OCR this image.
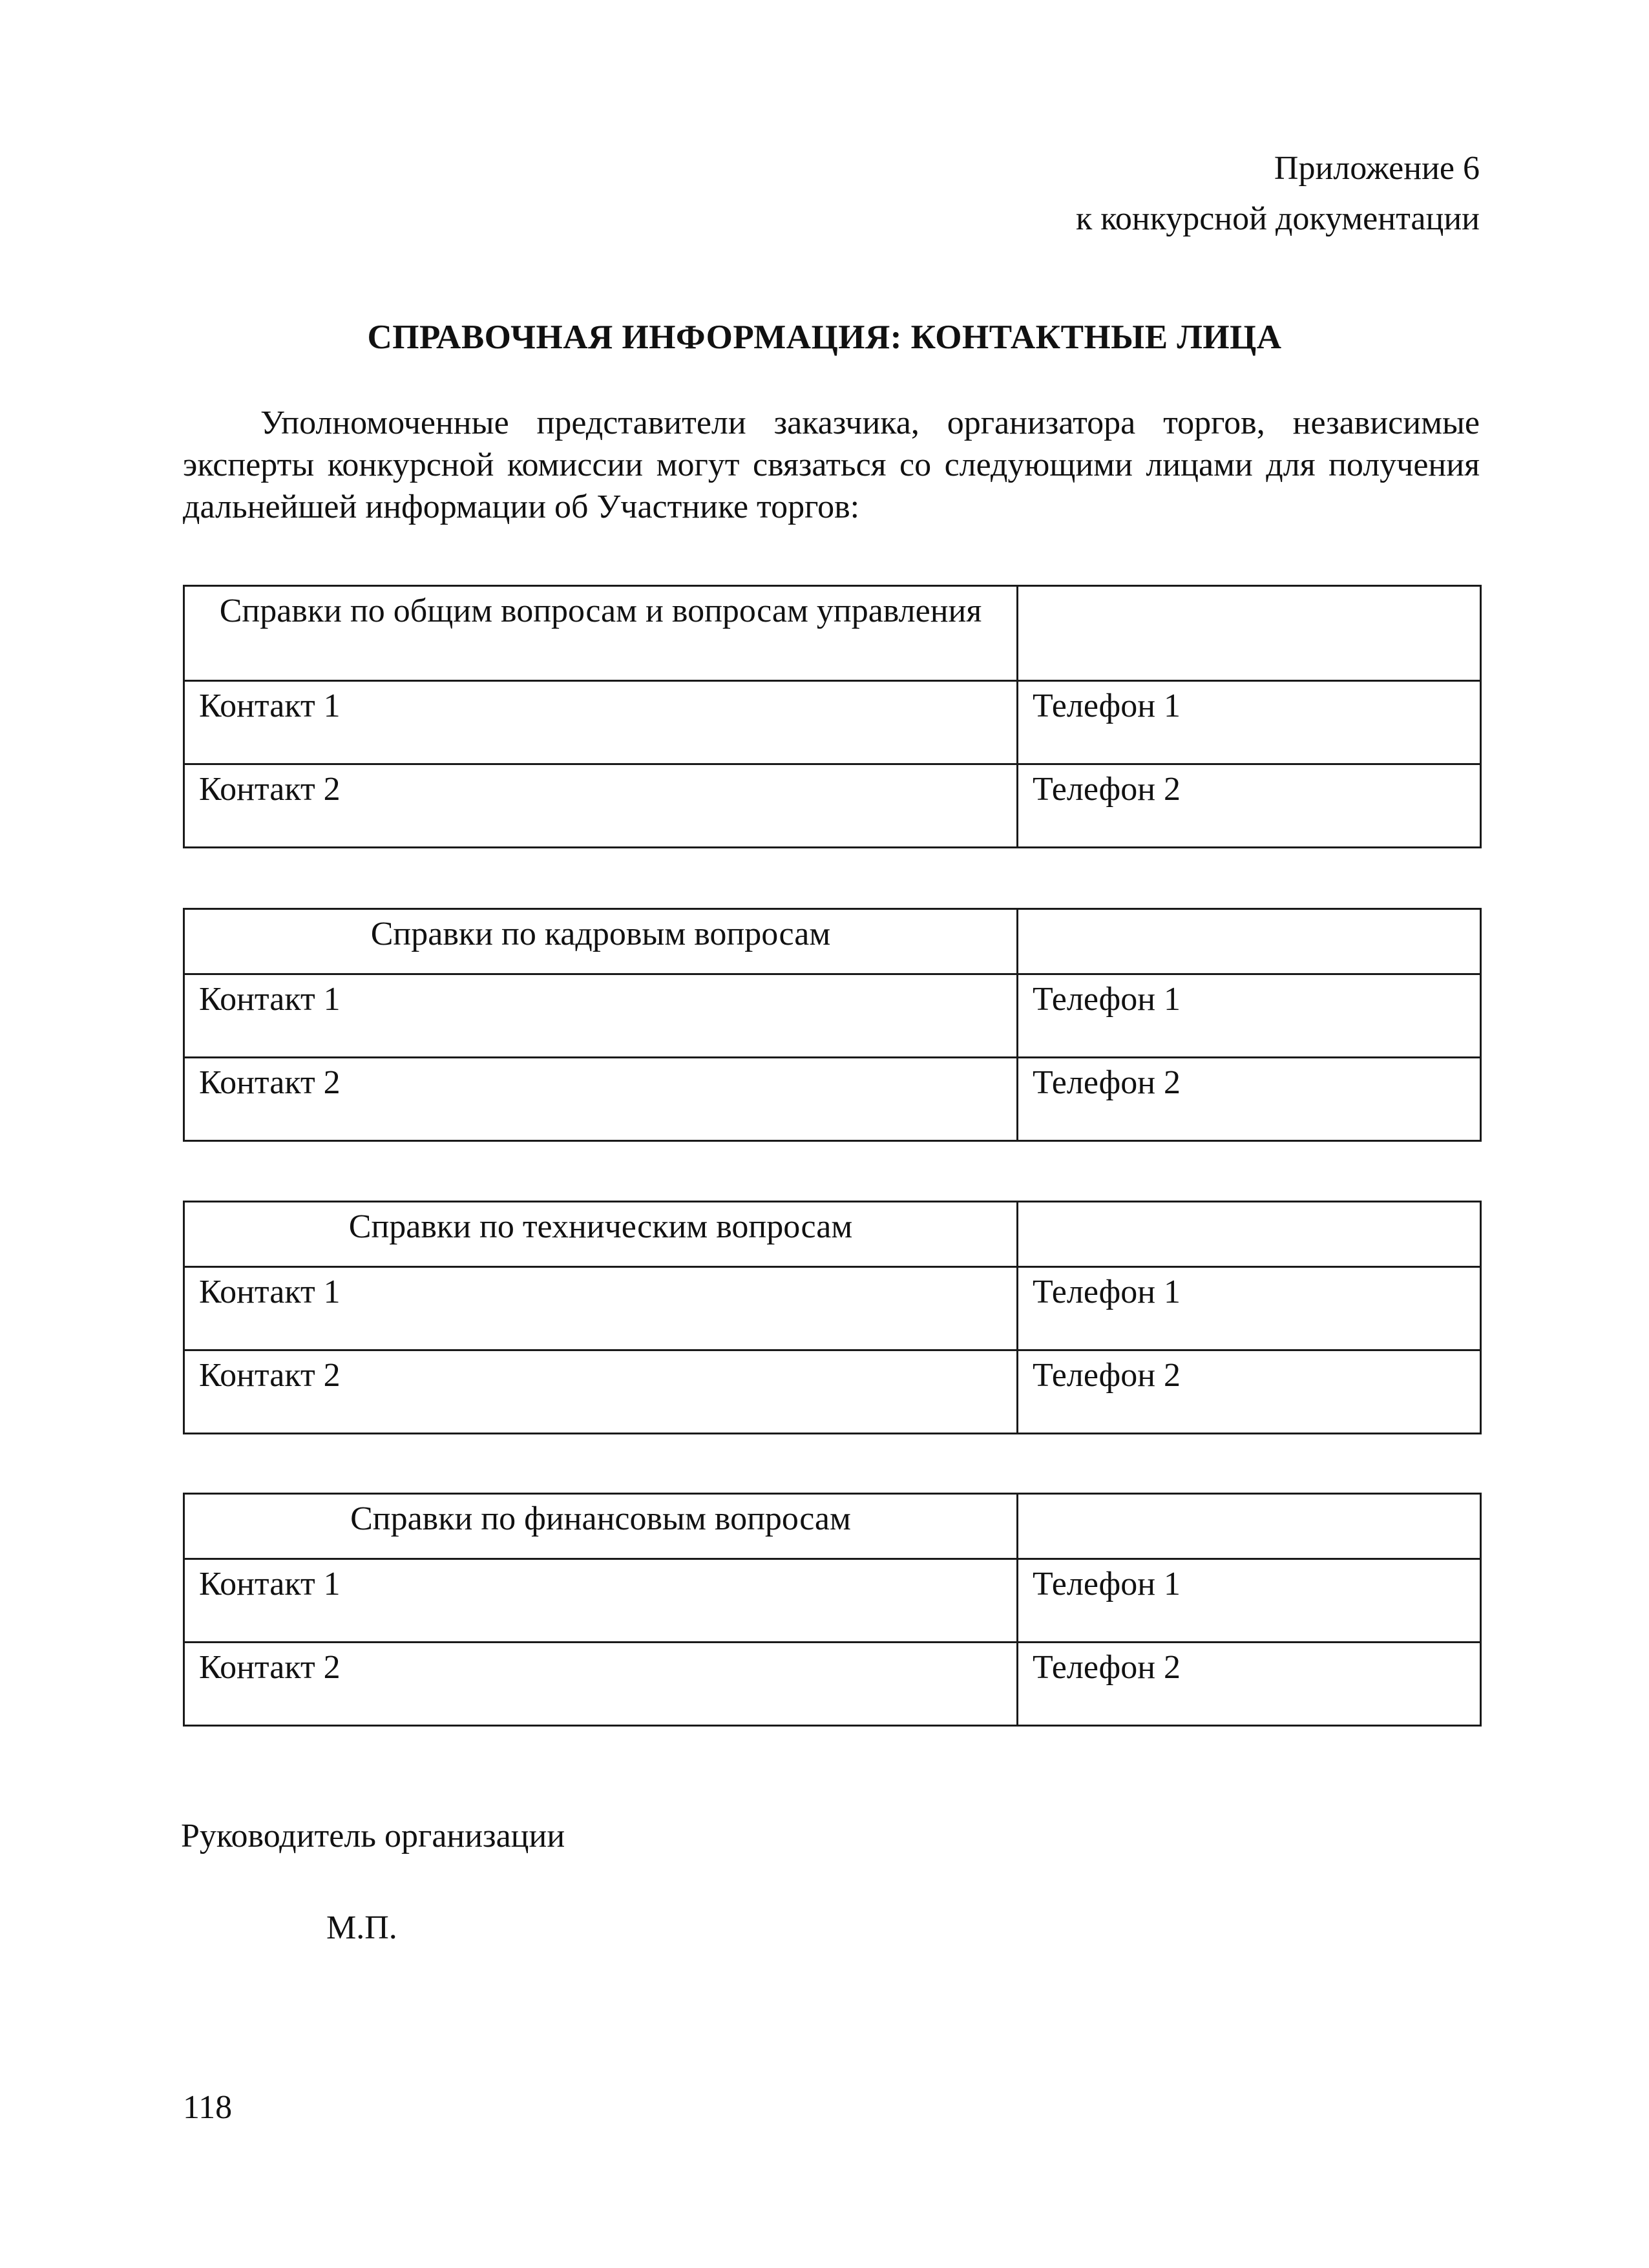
Приложение 6
к конкурсной документации
СПРАВОЧНАЯ ИНФОРМАЦИЯ: КОНТАКТНЫЕ ЛИЦА
Уполномоченные представители заказчика, организатора торгов, независимые эксперты конкурсной комиссии могут связаться со следующими лицами для получения дальнейшей информации об Участнике торгов:
Справки по общим вопросам и вопросам управления	
Контакт 1	Телефон 1
Контакт 2	Телефон 2
Справки по кадровым вопросам	
Контакт 1	Телефон 1
Контакт 2	Телефон 2
Справки по техническим вопросам	
Контакт 1	Телефон 1
Контакт 2	Телефон 2
Справки по финансовым вопросам	
Контакт 1	Телефон 1
Контакт 2	Телефон 2
Руководитель организации
М.П.
118
